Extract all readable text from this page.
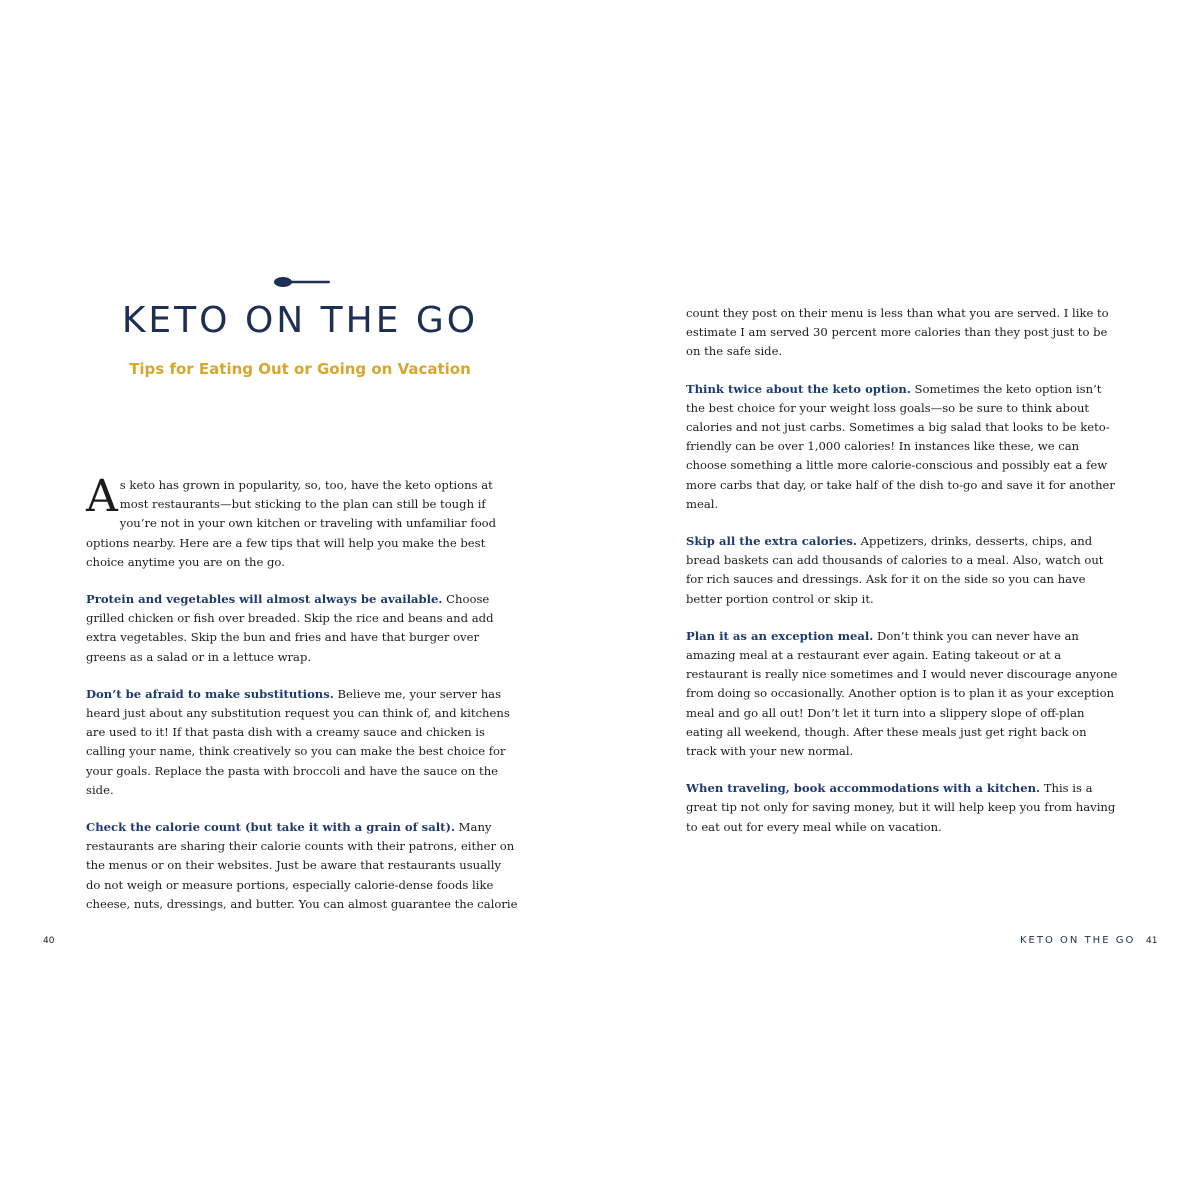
KETO ON THE GO
Tips for Eating Out or Going on Vacation

As keto has grown in popularity, so, too, have the keto options at most restaurants—but sticking to the plan can still be tough if you’re not in your own kitchen or traveling with unfamiliar food options nearby. Here are a few tips that will help you make the best choice anytime you are on the go.

Protein and vegetables will almost always be available. Choose grilled chicken or fish over breaded. Skip the rice and beans and add extra vegetables. Skip the bun and fries and have that burger over greens as a salad or in a lettuce wrap.

Don’t be afraid to make substitutions. Believe me, your server has heard just about any substitution request you can think of, and kitchens are used to it! If that pasta dish with a creamy sauce and chicken is calling your name, think creatively so you can make the best choice for your goals. Replace the pasta with broccoli and have the sauce on the side.

Check the calorie count (but take it with a grain of salt). Many restaurants are sharing their calorie counts with their patrons, either on the menus or on their websites. Just be aware that restaurants usually do not weigh or measure portions, especially calorie-dense foods like cheese, nuts, dressings, and butter. You can almost guarantee the calorie

40

count they post on their menu is less than what you are served. I like to estimate I am served 30 percent more calories than they post just to be on the safe side.

Think twice about the keto option. Sometimes the keto option isn’t the best choice for your weight loss goals—so be sure to think about calories and not just carbs. Sometimes a big salad that looks to be keto-friendly can be over 1,000 calories! In instances like these, we can choose something a little more calorie-conscious and possibly eat a few more carbs that day, or take half of the dish to-go and save it for another meal.

Skip all the extra calories. Appetizers, drinks, desserts, chips, and bread baskets can add thousands of calories to a meal. Also, watch out for rich sauces and dressings. Ask for it on the side so you can have better portion control or skip it.

Plan it as an exception meal. Don’t think you can never have an amazing meal at a restaurant ever again. Eating takeout or at a restaurant is really nice sometimes and I would never discourage anyone from doing so occasionally. Another option is to plan it as your exception meal and go all out! Don’t let it turn into a slippery slope of off-plan eating all weekend, though. After these meals just get right back on track with your new normal.

When traveling, book accommodations with a kitchen. This is a great tip not only for saving money, but it will help keep you from having to eat out for every meal while on vacation.

KETO ON THE GO 41
